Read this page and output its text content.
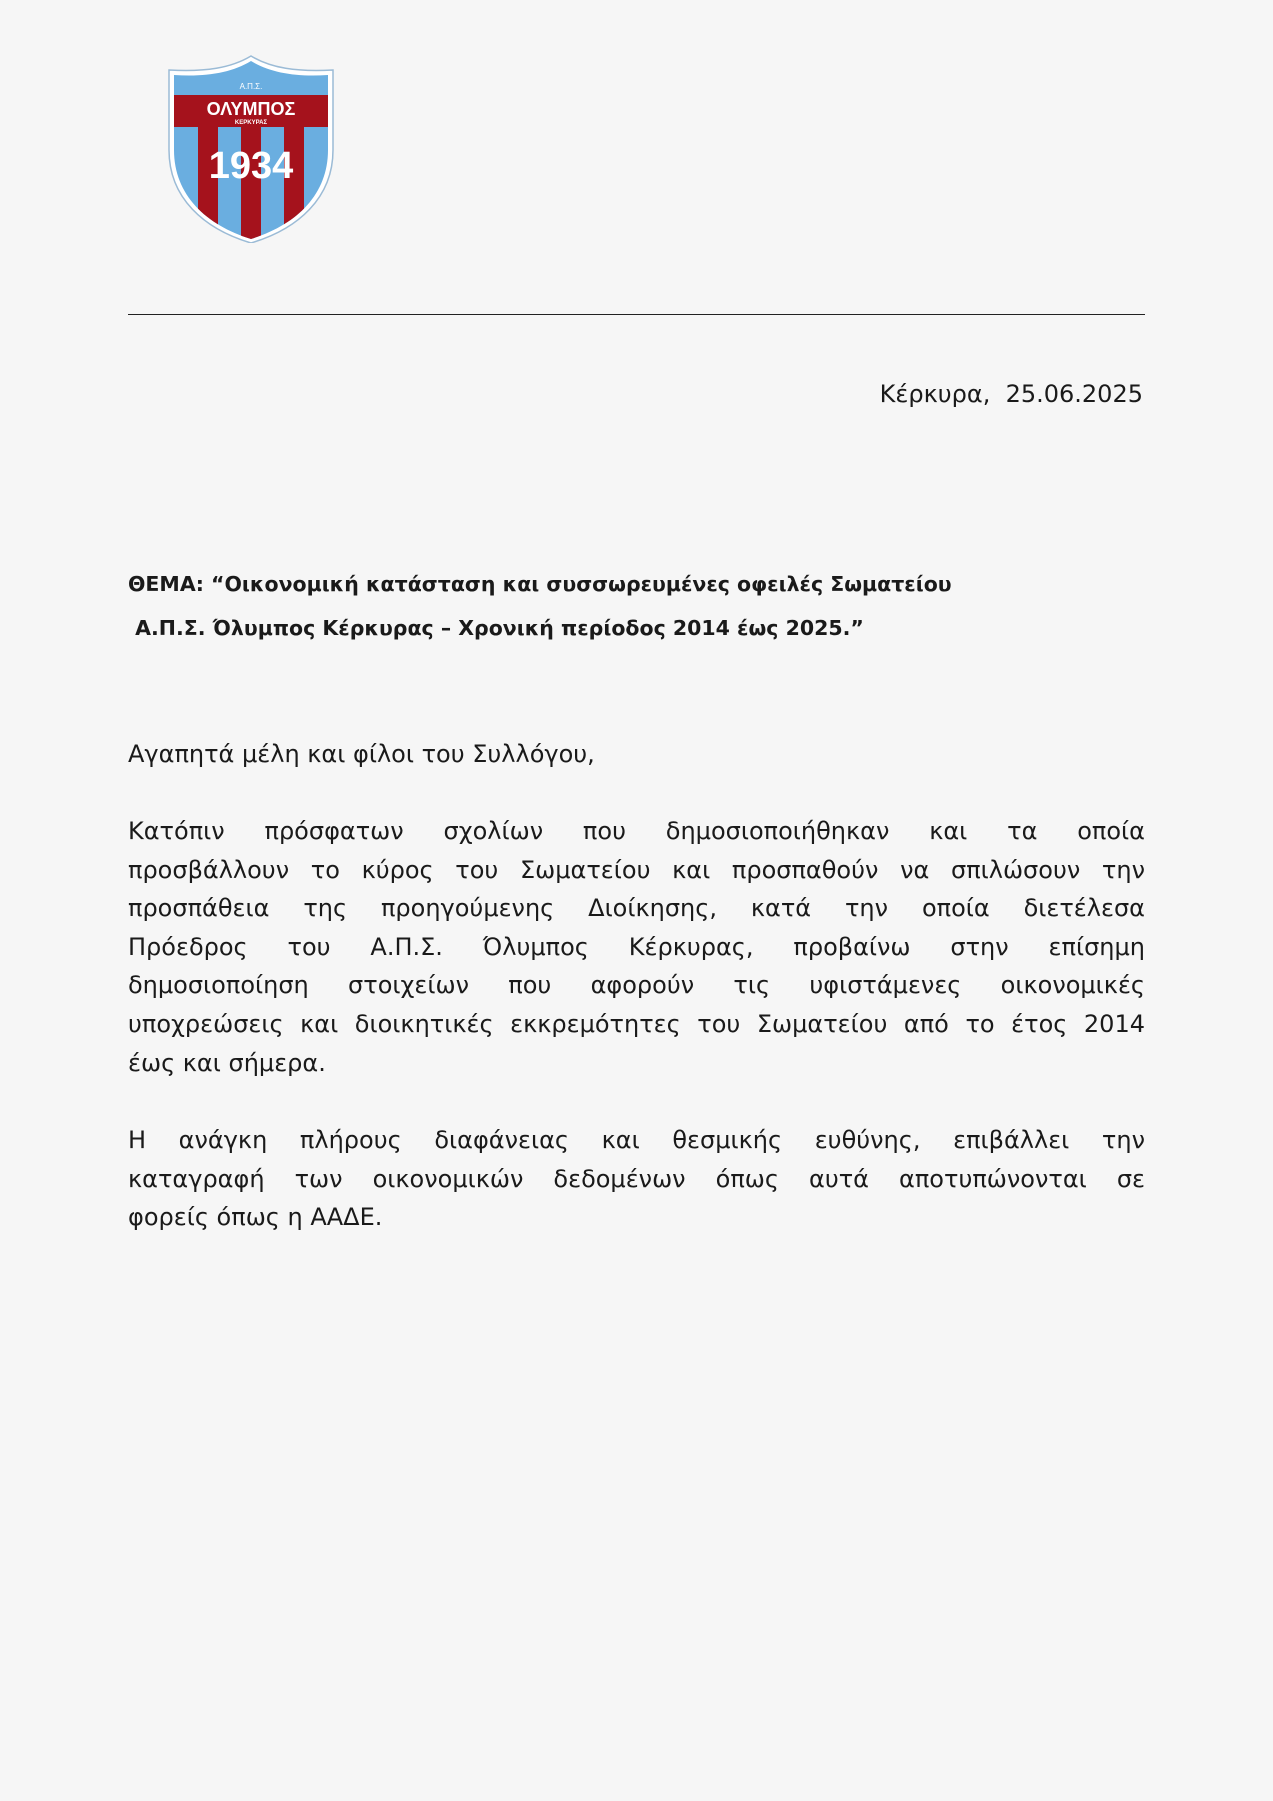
Α.Π.Σ.
ΟΛΥΜΠΟΣ
ΚΕΡΚΥΡΑΣ
1934
Κέρκυρα,  25.06.2025
ΘΕΜΑ: “Οικονομική κατάσταση και συσσωρευμένες οφειλές Σωματείου
Α.Π.Σ. Όλυμπος Κέρκυρας – Χρονική περίοδος 2014 έως 2025.”
Αγαπητά μέλη και φίλοι του Συλλόγου,
Κατόπιν πρόσφατων σχολίων που δημοσιοποιήθηκαν και τα οποία
προσβάλλουν το κύρος του Σωματείου και προσπαθούν να σπιλώσουν την
προσπάθεια της προηγούμενης Διοίκησης, κατά την οποία διετέλεσα
Πρόεδρος του Α.Π.Σ. Όλυμπος Κέρκυρας, προβαίνω στην επίσημη
δημοσιοποίηση στοιχείων που αφορούν τις υφιστάμενες οικονομικές
υποχρεώσεις και διοικητικές εκκρεμότητες του Σωματείου από το έτος 2014
έως και σήμερα.
Η ανάγκη πλήρους διαφάνειας και θεσμικής ευθύνης, επιβάλλει την
καταγραφή των οικονομικών δεδομένων όπως αυτά αποτυπώνονται σε
φορείς όπως η ΑΑΔΕ.
